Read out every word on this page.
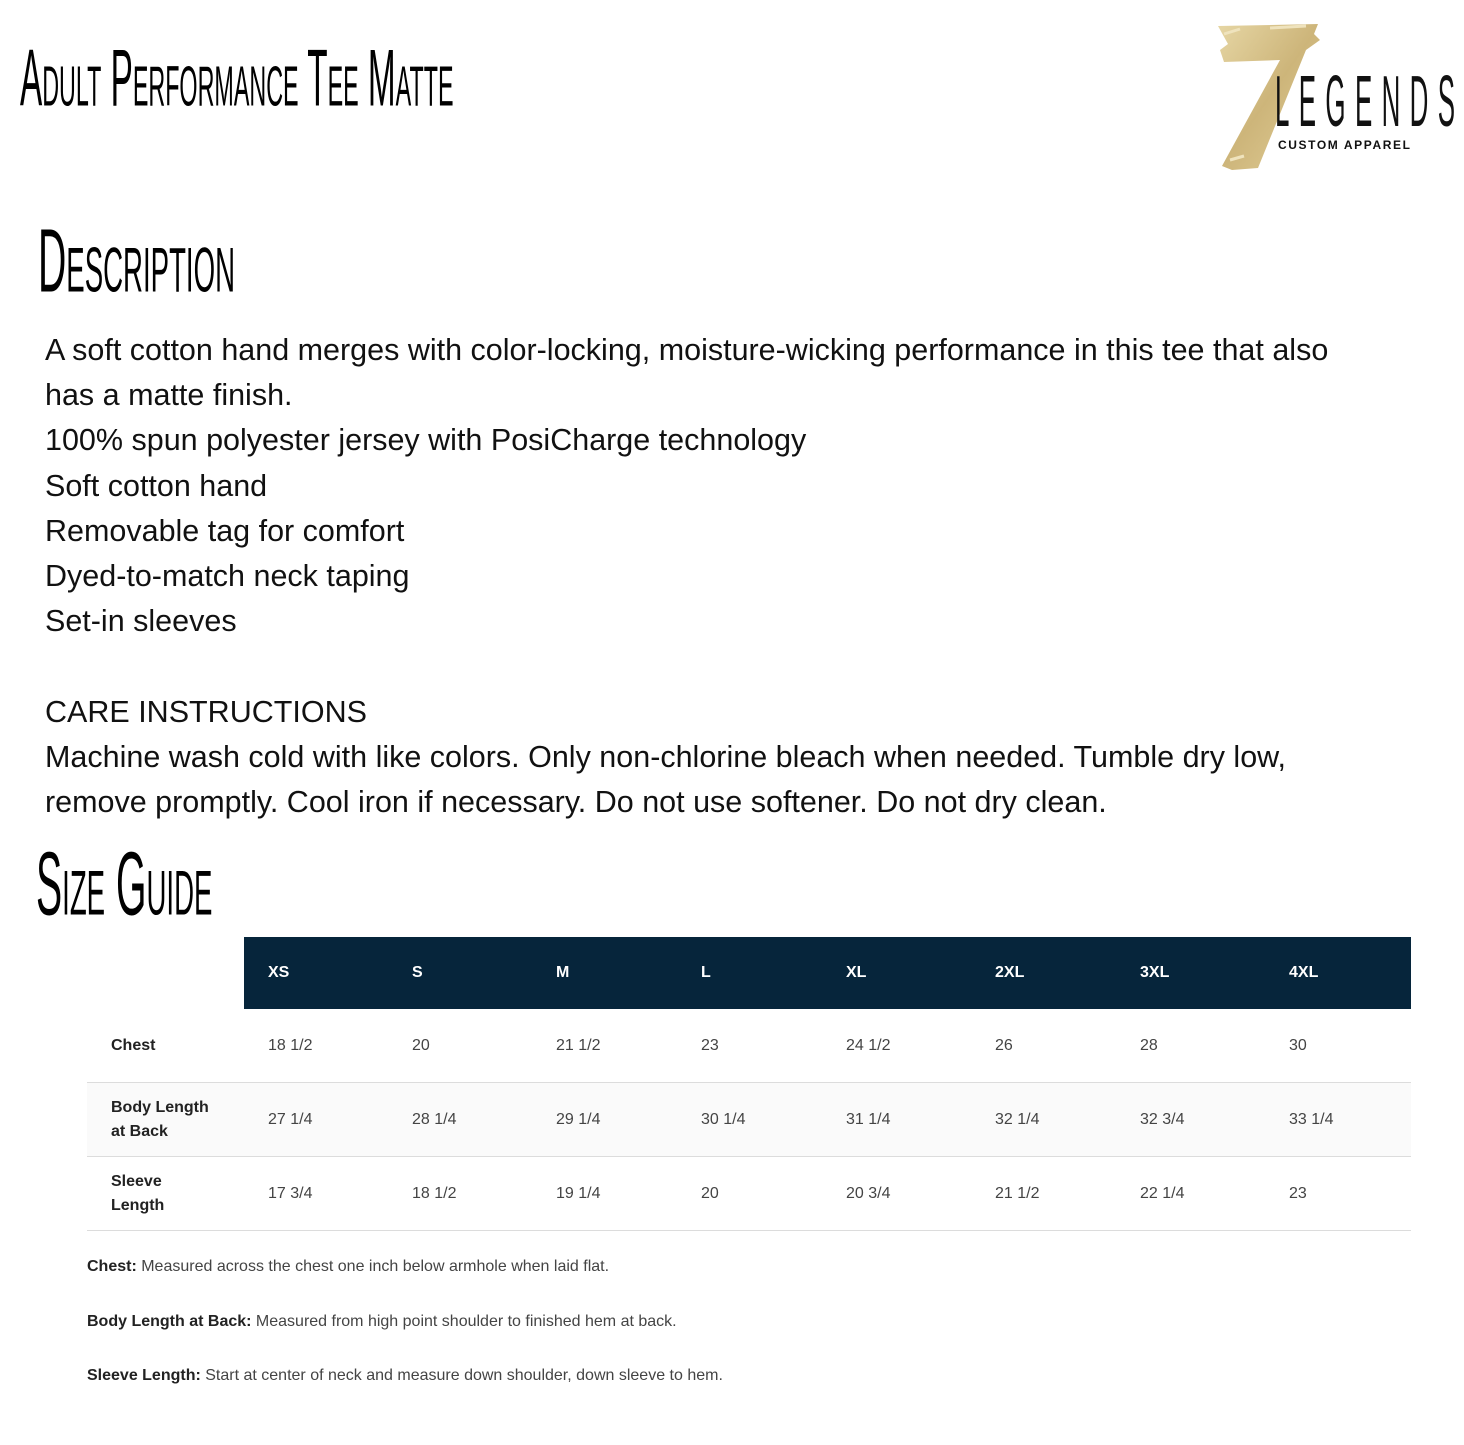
Adult Performance Tee Matte	LEGENDS
CUSTOM APPAREL
Description

A soft cotton hand merges with color-locking, moisture-wicking performance in this tee that also has a matte finish.

100% spun polyester jersey with PosiCharge technology

Soft cotton hand

Removable tag for comfort

Dyed-to-match neck taping

Set-in sleeves

CARE INSTRUCTIONS

Machine wash cold with like colors. Only non-chlorine bleach when needed. Tumble dry low, remove promptly. Cool iron if necessary. Do not use softener. Do not dry clean.

Size Guide
	XS	S	M	L	XL	2XL	3XL	4XL
Chest	18 1/2	20	21 1/2	23	24 1/2	26	28	30
Body Length at Back	27 1/4	28 1/4	29 1/4	30 1/4	31 1/4	32 1/4	32 3/4	33 1/4
Sleeve Length	17 3/4	18 1/2	19 1/4	20	20 3/4	21 1/2	22 1/4	23
Chest: Measured across the chest one inch below armhole when laid flat.
Body Length at Back: Measured from high point shoulder to finished hem at back.
Sleeve Length: Start at center of neck and measure down shoulder, down sleeve to hem.
